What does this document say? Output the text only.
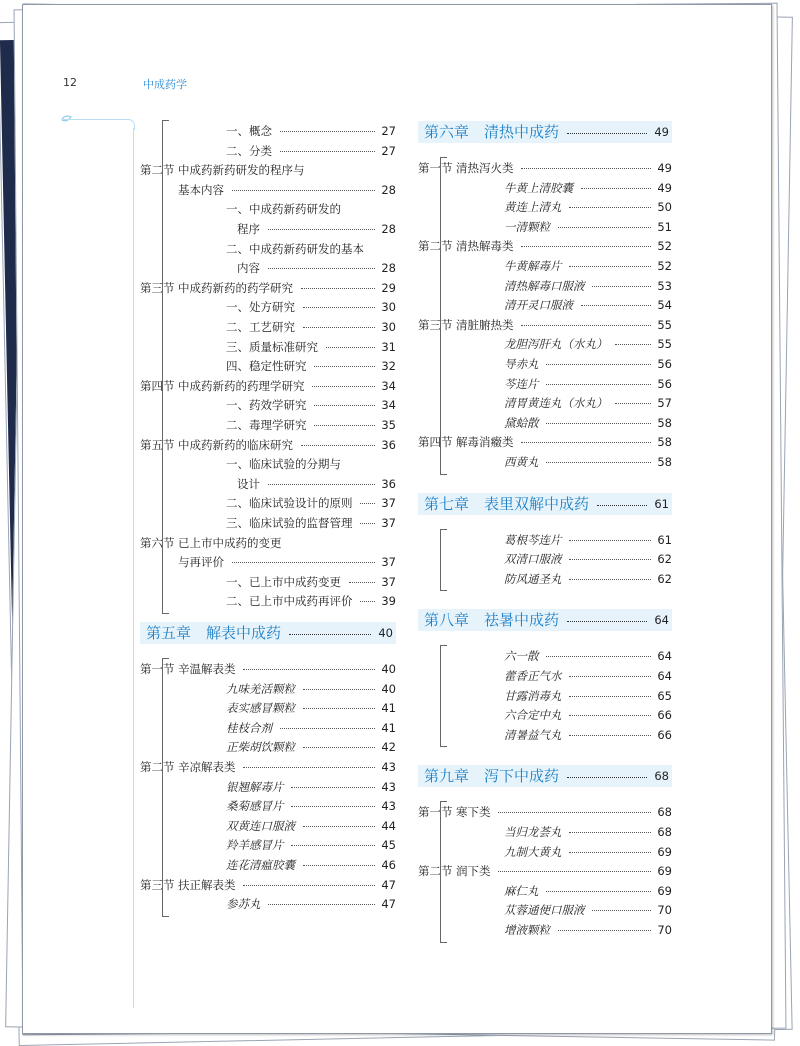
12	中成药学
一、概念	27
二、分类	27
第二节 中成药新药研发的程序与
基本内容	28
一、中成药新药研发的
程序	28
二、中成药新药研发的基本
内容	28
第三节 中成药新药的药学研究	29
一、处方研究	30
二、工艺研究	30
三、质量标准研究	31
四、稳定性研究	32
第四节 中成药新药的药理学研究	34
一、药效学研究	34
二、毒理学研究	35
第五节 中成药新药的临床研究	36
一、临床试验的分期与
设计	36
二、临床试验设计的原则	37
三、临床试验的监督管理	37
第六节 已上市中成药的变更
与再评价	37
一、已上市中成药变更	37
二、已上市中成药再评价	39
第五章　解表中成药	40
第一节 辛温解表类	40
九味羌活颗粒	40
表实感冒颗粒	41
桂枝合剂	41
正柴胡饮颗粒	42
第二节 辛凉解表类	43
银翘解毒片	43
桑菊感冒片	43
双黄连口服液	44
羚羊感冒片	45
连花清瘟胶囊	46
第三节 扶正解表类	47
参苏丸	47
第六章　清热中成药	49
第一节 清热泻火类	49
牛黄上清胶囊	49
黄连上清丸	50
一清颗粒	51
第二节 清热解毒类	52
牛黄解毒片	52
清热解毒口服液	53
清开灵口服液	54
第三节 清脏腑热类	55
龙胆泻肝丸（水丸）	55
导赤丸	56
芩连片	56
清胃黄连丸（水丸）	57
黛蛤散	58
第四节 解毒消癥类	58
西黄丸	58
第七章　表里双解中成药	61
葛根芩连片	61
双清口服液	62
防风通圣丸	62
第八章　祛暑中成药	64
六一散	64
藿香正气水	64
甘露消毒丸	65
六合定中丸	66
清暑益气丸	66
第九章　泻下中成药	68
第一节 寒下类	68
当归龙荟丸	68
九制大黄丸	69
第二节 润下类	69
麻仁丸	69
苁蓉通便口服液	70
增液颗粒	70
